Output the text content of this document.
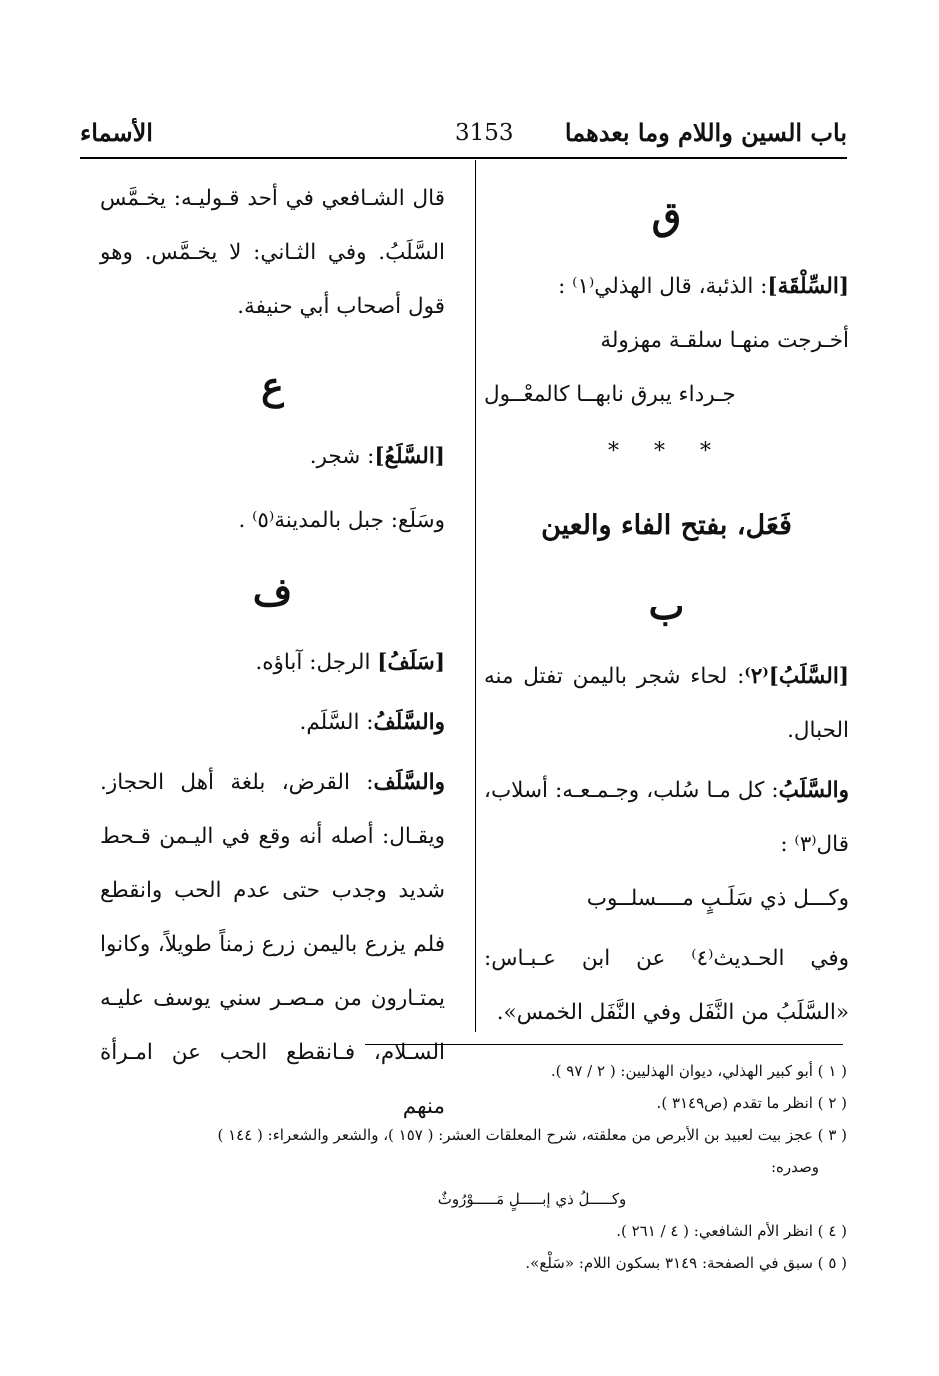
باب السين واللام وما بعدهما
3153
الأسماء
ق

[السِّلْقَة]: الذئبة، قال الهذلي⁽١⁾ :

أخـرجت منهـا سلقـة مهزولة

جـرداء يبرق نابهــا كالمعْــول

* * *
فَعَل، بفتح الفاء والعين
ب

[السَّلَبُ]⁽٢⁾: لحاء شجر باليمن تفتل منه الحبال.

والسَّلَبُ: كل مـا سُلب، وجـمـعـه: أسلاب، قال⁽٣⁾ :

وكـــل ذي سَلَـبٍ مــــسلــوب

وفي الحـديث⁽٤⁾ عن ابن عـبـاس: «السَّلَبُ من النَّفَل وفي النَّفَل الخمس».

قال الشـافعي في أحد قـوليـه: يخـمَّس السَّلَبُ. وفي الثـاني: لا يخـمَّس. وهو قول أصحاب أبي حنيفة.

ع

[السَّلَعُ]: شجر.

وسَلَع: جبل بالمدينة⁽٥⁾ .

ف

[سَلَفُ] الرجل: آباؤه.

والسَّلَفُ: السَّلَم.

والسَّلَف: القرض، بلغة أهل الحجاز. ويقـال: أصله أنه وقع في اليـمن قـحط شديد وجدب حتى عدم الحب وانقطع فلم يزرع باليمن زرع زمناً طويلاً، وكانوا يمتـارون من مـصـر سني يوسف عليـه السـلام، فـانقطع الحب عن امـرأة منهم

( ١ ) أبو كبير الهذلي، ديوان الهذليين: ( ٢ / ٩٧ ).

( ٢ ) انظر ما تقدم (ص٣١٤٩ ).

( ٣ ) عجز بيت لعبيد بن الأبرص من معلقته، شرح المعلقات العشر: ( ١٥٧ )، والشعر والشعراء: ( ١٤٤ )

وصدره:

وكـــــلُ ذي إبـــــلٍ مَـــــوْرُوثٌ

( ٤ ) انظر الأم الشافعي: ( ٤ / ٢٦١ ).

( ٥ ) سبق في الصفحة: ٣١٤٩ بسكون اللام: «سَلْع».
